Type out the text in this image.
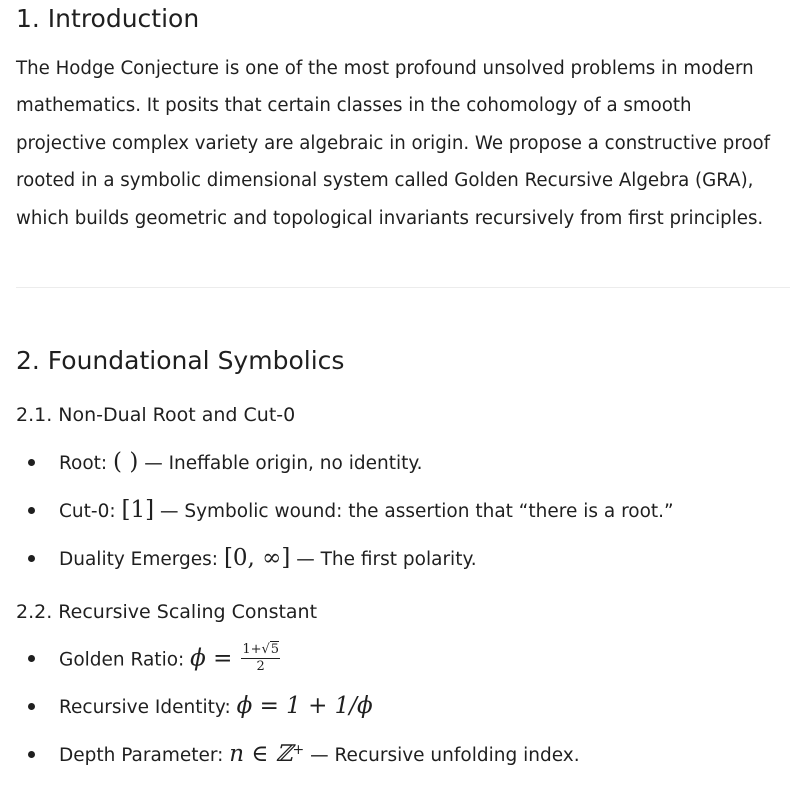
1. Introduction

The Hodge Conjecture is one of the most profound unsolved problems in modern
mathematics. It posits that certain classes in the cohomology of a smooth
projective complex variety are algebraic in origin. We propose a constructive proof
rooted in a symbolic dimensional system called Golden Recursive Algebra (GRA),
which builds geometric and topological invariants recursively from first principles.

2. Foundational Symbolics
2.1. Non-Dual Root and Cut-0
Root: ( ) — Ineffable origin, no identity.
Cut-0: [1] — Symbolic wound: the assertion that “there is a root.”
Duality Emerges: [0, ∞] — The first polarity.
2.2. Recursive Scaling Constant
Golden Ratio: $\phi = \frac{1+√5}{2}$
Recursive Identity: ϕ = 1 + 1/ϕ
Depth Parameter: n ∈ ℤ+ — Recursive unfolding index.
